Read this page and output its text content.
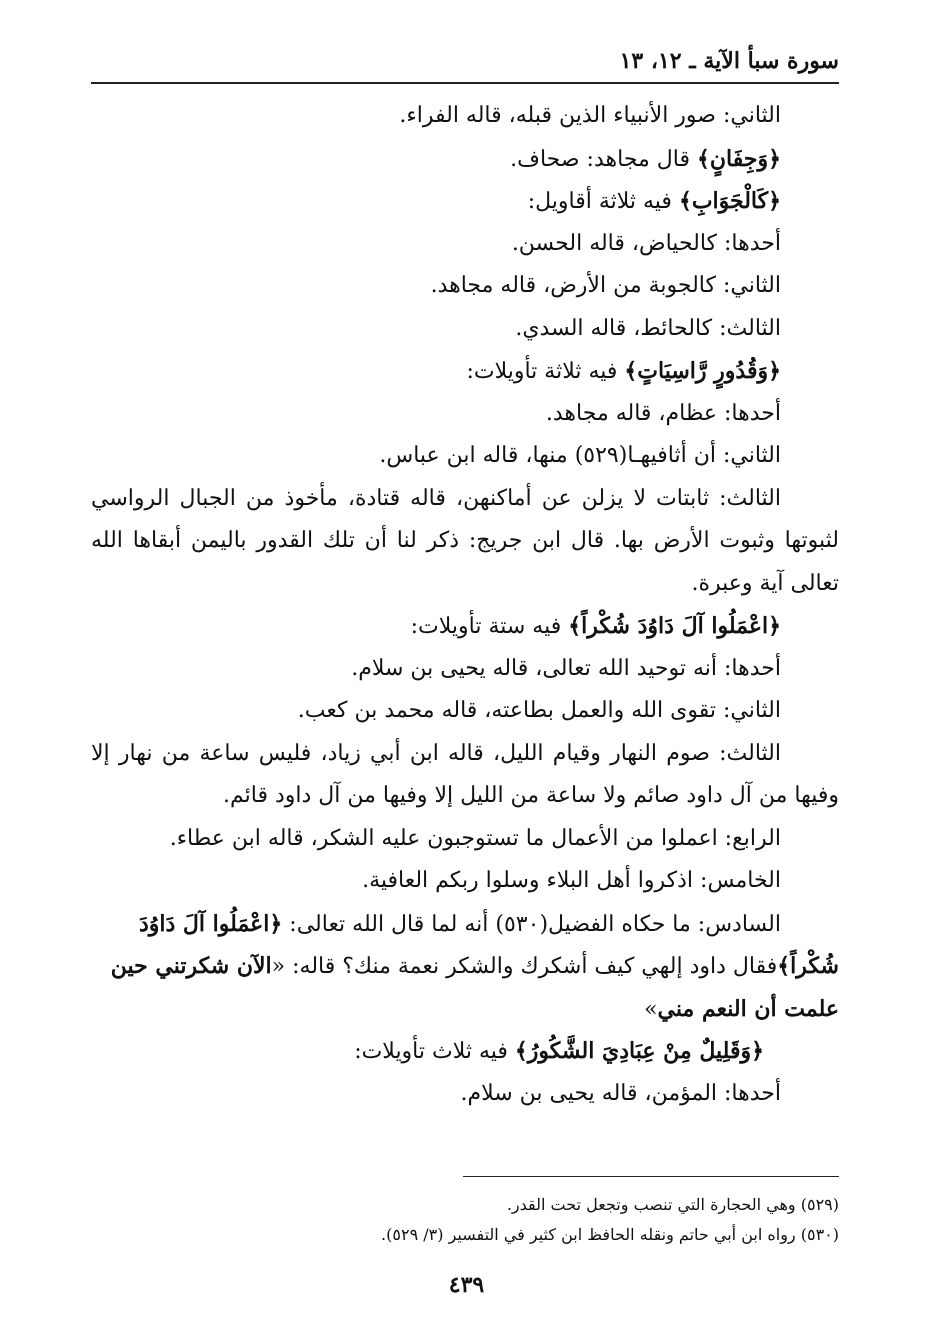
سورة سبأ الآية ـ ١٢، ١٣
الثاني: صور الأنبياء الذين قبله، قاله الفراء.
﴿وَجِفَانٍ﴾ قال مجاهد: صحاف.
﴿كَالْجَوَابِ﴾ فيه ثلاثة أقاويل:
أحدها: كالحياض، قاله الحسن.
الثاني: كالجوبة من الأرض، قاله مجاهد.
الثالث: كالحائط، قاله السدي.
﴿وَقُدُورٍ رَّاسِيَاتٍ﴾ فيه ثلاثة تأويلات:
أحدها: عظام، قاله مجاهد.
الثاني: أن أثافيهـا(٥٢٩) منها، قاله ابن عباس.
الثالث: ثابتات لا يزلن عن أماكنهن، قاله قتادة، مأخوذ من الجبال الرواسي
لثبوتها وثبوت الأرض بها. قال ابن جريج: ذكر لنا أن تلك القدور باليمن أبقاها الله
تعالى آية وعبرة.
﴿اعْمَلُوا آلَ دَاوُدَ شُكْراً﴾ فيه ستة تأويلات:
أحدها: أنه توحيد الله تعالى، قاله يحيى بن سلام.
الثاني: تقوى الله والعمل بطاعته، قاله محمد بن كعب.
الثالث: صوم النهار وقيام الليل، قاله ابن أبي زياد، فليس ساعة من نهار إلا
وفيها من آل داود صائم ولا ساعة من الليل إلا وفيها من آل داود قائم.
الرابع: اعملوا من الأعمال ما تستوجبون عليه الشكر، قاله ابن عطاء.
الخامس: اذكروا أهل البلاء وسلوا ربكم العافية.
السادس: ما حكاه الفضيل(٥٣٠) أنه لما قال الله تعالى: ﴿اعْمَلُوا آلَ دَاوُدَ
شُكْراً﴾فقال داود إلهي كيف أشكرك والشكر نعمة منك؟ قاله: «الآن شكرتني حين
علمت أن النعم مني»
﴿وَقَلِيلٌ مِنْ عِبَادِيَ الشَّكُورُ﴾ فيه ثلاث تأويلات:
أحدها: المؤمن، قاله يحيى بن سلام.
(٥٢٩) وهي الحجارة التي تنصب وتجعل تحت القدر.
(٥٣٠) رواه ابن أبي حاتم ونقله الحافظ ابن كثير في التفسير (٣/ ٥٢٩).
٤٣٩
